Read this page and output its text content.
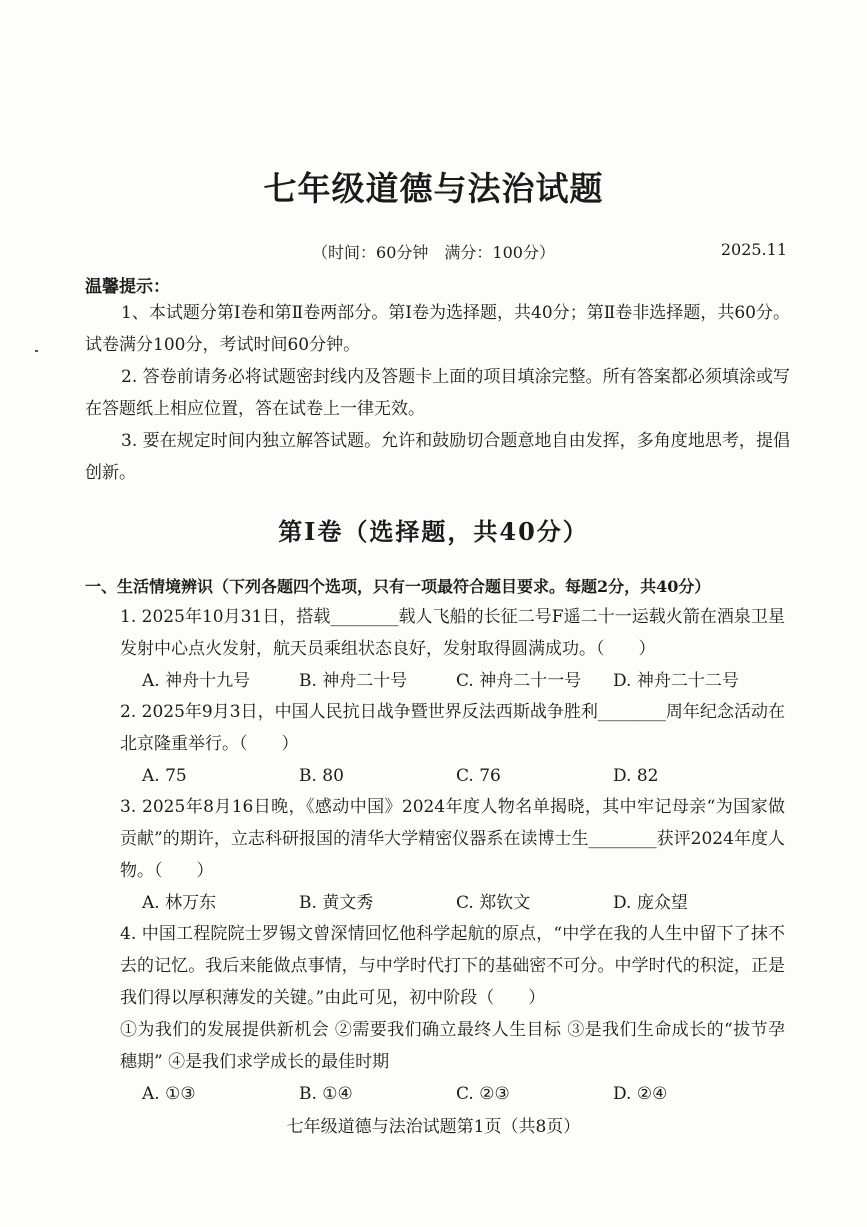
七年级道德与法治试题
（时间：60分钟　满分：100分）	2025.11
温馨提示：
1、本试题分第Ⅰ卷和第Ⅱ卷两部分。第Ⅰ卷为选择题，共40分；第Ⅱ卷非选择题，共60分。试卷满分100分，考试时间60分钟。
2. 答卷前请务必将试题密封线内及答题卡上面的项目填涂完整。所有答案都必须填涂或写在答题纸上相应位置，答在试卷上一律无效。
3. 要在规定时间内独立解答试题。允许和鼓励切合题意地自由发挥，多角度地思考，提倡创新。
第Ⅰ卷（选择题，共40分）
一、生活情境辨识（下列各题四个选项，只有一项最符合题目要求。每题2分，共40分）

1. 2025年10月31日，搭载________载人飞船的长征二号F遥二十一运载火箭在酒泉卫星发射中心点火发射，航天员乘组状态良好，发射取得圆满成功。（　　）

A. 神舟十九号	B. 神舟二十号	C. 神舟二十一号	D. 神舟二十二号

2. 2025年9月3日，中国人民抗日战争暨世界反法西斯战争胜利________周年纪念活动在北京隆重举行。（　　）

A. 75	B. 80	C. 76	D. 82

3. 2025年8月16日晚，《感动中国》2024年度人物名单揭晓，其中牢记母亲“为国家做贡献”的期许，立志科研报国的清华大学精密仪器系在读博士生________获评2024年度人物。（　　）

A. 林万东	B. 黄文秀	C. 郑钦文	D. 庞众望

4. 中国工程院院士罗锡文曾深情回忆他科学起航的原点，“中学在我的人生中留下了抹不去的记忆。我后来能做点事情，与中学时代打下的基础密不可分。中学时代的积淀，正是我们得以厚积薄发的关键。”由此可见，初中阶段（　　）

①为我们的发展提供新机会 ②需要我们确立最终人生目标 ③是我们生命成长的“拔节孕穗期” ④是我们求学成长的最佳时期

A. ①③	B. ①④	C. ②③	D. ②④
七年级道德与法治试题第1页（共8页）
